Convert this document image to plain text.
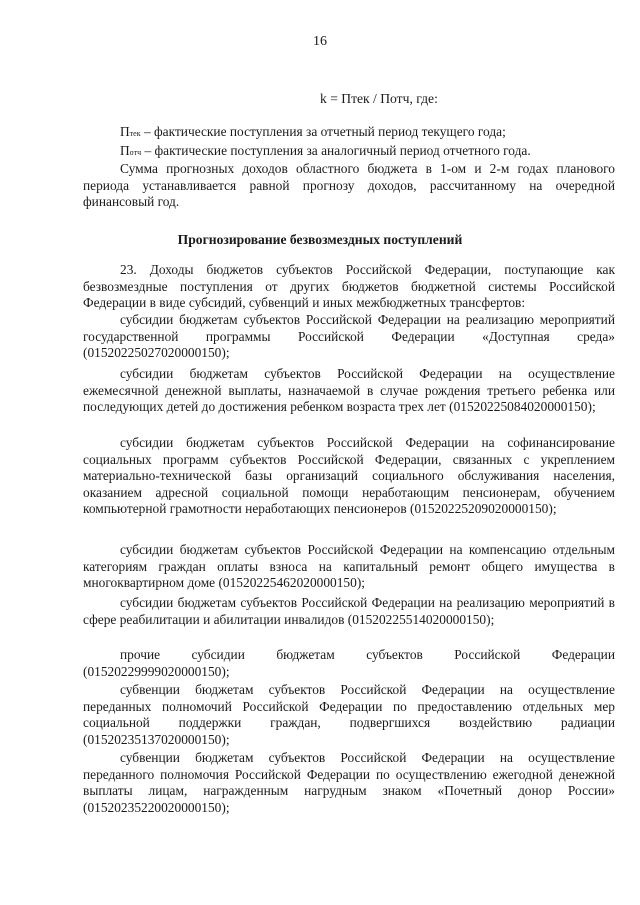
16
k = Птек / Потч, где:

Птек – фактические поступления за отчетный период текущего года;

Потч – фактические поступления за аналогичный период отчетного года.

Сумма прогнозных доходов областного бюджета в 1-ом и 2-м годах планового периода устанавливается равной прогнозу доходов, рассчитанному на очередной финансовый год.

Прогнозирование безвозмездных поступлений

23. Доходы бюджетов субъектов Российской Федерации, поступающие как безвозмездные поступления от других бюджетов бюджетной системы Российской Федерации в виде субсидий, субвенций и иных межбюджетных трансфертов:

субсидии бюджетам субъектов Российской Федерации на реализацию мероприятий государственной программы Российской Федерации «Доступная среда» (01520225027020000150);

субсидии бюджетам субъектов Российской Федерации на осуществление ежемесячной денежной выплаты, назначаемой в случае рождения третьего ребенка или последующих детей до достижения ребенком возраста трех лет (01520225084020000150);

субсидии бюджетам субъектов Российской Федерации на софинансирование социальных программ субъектов Российской Федерации, связанных с укреплением материально-технической базы организаций социального обслуживания населения, оказанием адресной социальной помощи неработающим пенсионерам, обучением компьютерной грамотности неработающих пенсионеров (01520225209020000150);

субсидии бюджетам субъектов Российской Федерации на компенсацию отдельным категориям граждан оплаты взноса на капитальный ремонт общего имущества в многоквартирном доме (01520225462020000150);

субсидии бюджетам субъектов Российской Федерации на реализацию мероприятий в сфере реабилитации и абилитации инвалидов (01520225514020000150);

прочие субсидии бюджетам субъектов Российской Федерации (01520229999020000150);

субвенции бюджетам субъектов Российской Федерации на осуществление переданных полномочий Российской Федерации по предоставлению отдельных мер социальной поддержки граждан, подвергшихся воздействию радиации (01520235137020000150);

субвенции бюджетам субъектов Российской Федерации на осуществление переданного полномочия Российской Федерации по осуществлению ежегодной денежной выплаты лицам, награжденным нагрудным знаком «Почетный донор России» (01520235220020000150);
